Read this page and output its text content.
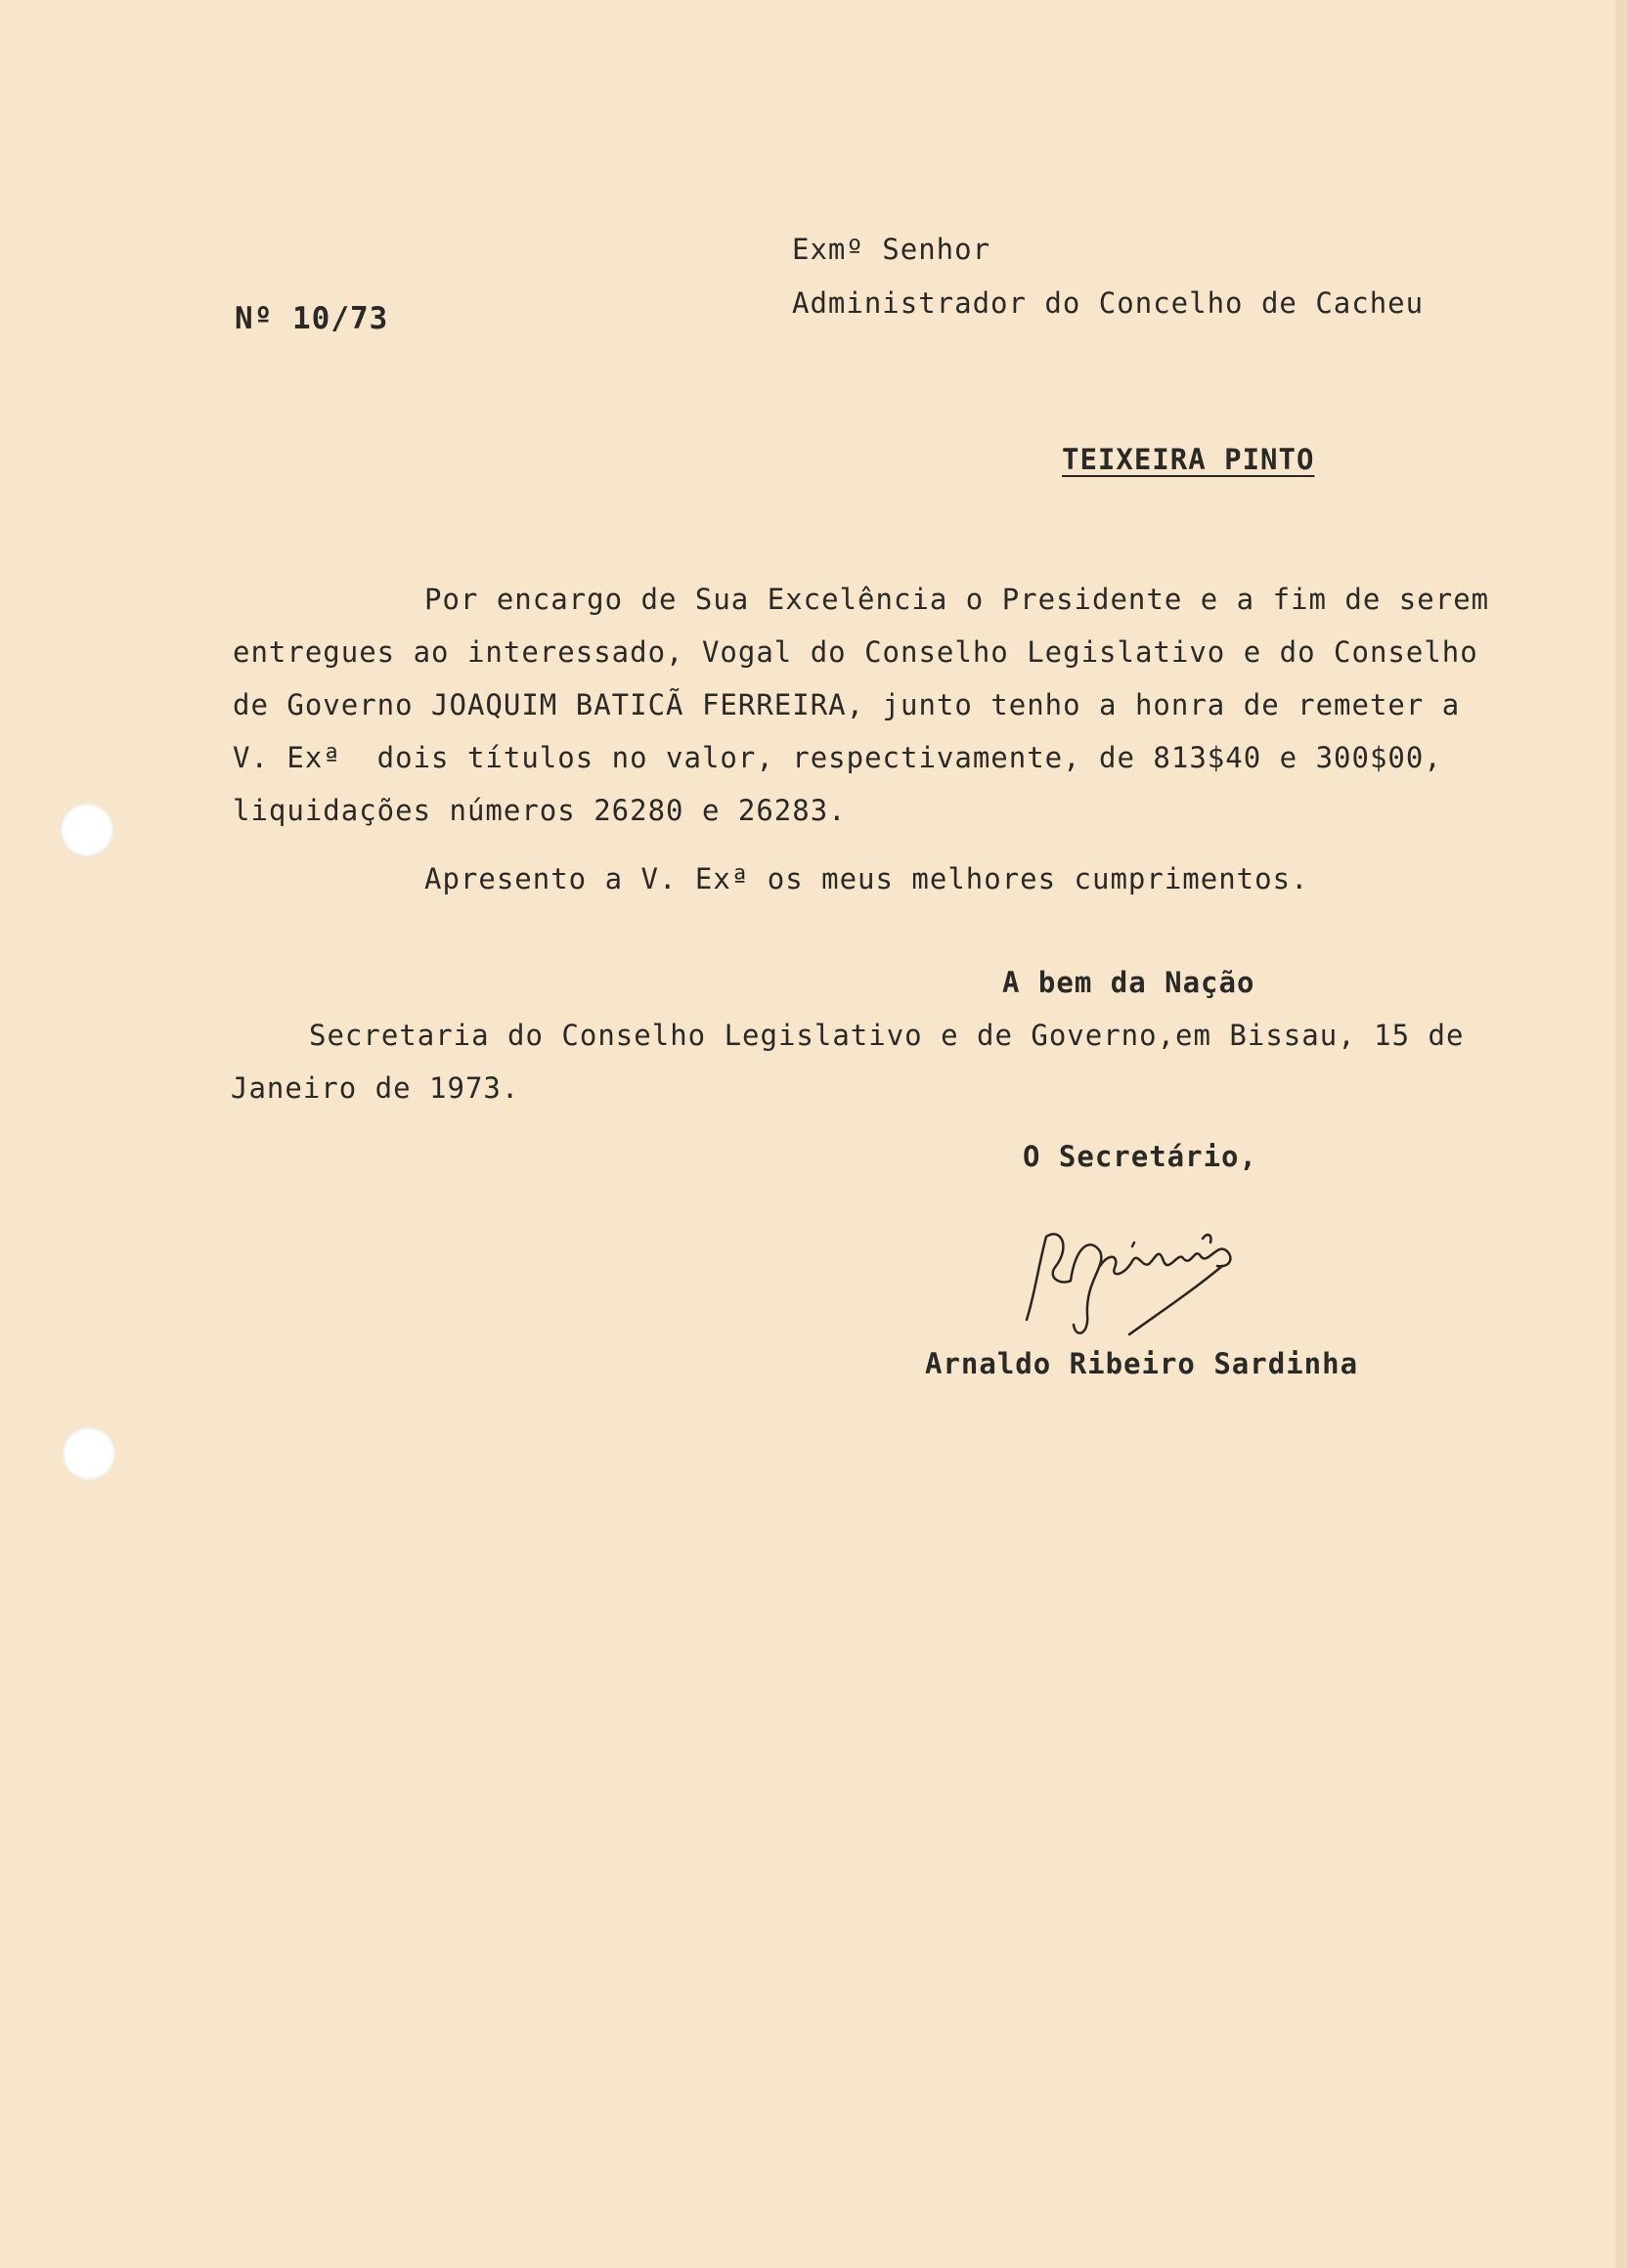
Exmº Senhor
Administrador do Concelho de Cacheu
Nº 10/73
TEIXEIRA PINTO
Por encargo de Sua Excelência o Presidente e a fim de serem
entregues ao interessado, Vogal do Conselho Legislativo e do Conselho
de Governo JOAQUIM BATICÃ FERREIRA, junto tenho a honra de remeter a
V. Exª  dois títulos no valor, respectivamente, de 813$40 e 300$00,
liquidações números 26280 e 26283.
Apresento a V. Exª os meus melhores cumprimentos.
A bem da Nação
Secretaria do Conselho Legislativo e de Governo,em Bissau, 15 de
Janeiro de 1973.
O Secretário,
Arnaldo Ribeiro Sardinha
